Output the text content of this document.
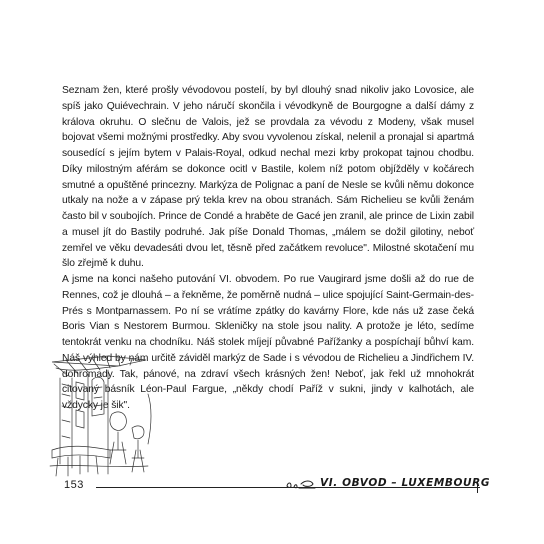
Seznam žen, které prošly vévodovou postelí, by byl dlouhý snad nikoliv jako Lovosice, ale spíš jako Quiévechrain. V jeho náručí skončila i vévodkyně de Bourgogne a další dámy z králova okruhu. O slečnu de Valois, jež se provdala za vévodu z Modeny, však musel bojovat všemi možnými prostředky. Aby svou vyvolenou získal, nelenil a pronajal si apartmá sousedící s jejím bytem v Palais-Royal, odkud nechal mezi krby prokopat tajnou chodbu. Díky milostným aférám se dokonce ocitl v Bastile, kolem níž potom objížděly v kočárech smutné a opuštěné princezny. Markýza de Polignac a paní de Nesle se kvůli němu dokonce utkaly na nože a v zápase prý tekla krev na obou stranách. Sám Richelieu se kvůli ženám často bil v soubojích. Prince de Condé a hraběte de Gacé jen zranil, ale prince de Lixin zabil a musel jít do Bastily podruhé. Jak píše Donald Thomas, „málem se dožil gilotiny, neboť zemřel ve věku devadesáti dvou let, těsně před začátkem revoluce". Milostné skotačení mu šlo zřejmě k duhu.

A jsme na konci našeho putování VI. obvodem. Po rue Vaugirard jsme došli až do rue de Rennes, což je dlouhá – a řekněme, že poměrně nudná – ulice spojující Saint-Germain-des-Prés s Montparnassem. Po ní se vrátíme zpátky do kavárny Flore, kde nás už zase čeká Boris Vian s Nestorem Burmou. Skleničky na stole jsou nality. A protože je léto, sedíme tentokrát venku na chodníku. Náš stolek míjejí půvabné Pařížanky a pospíchají bůhví kam. Náš výhled by nám určitě záviděl markýz de Sade i s vévodou de Richelieu a Jindřichem IV. dohromady. Tak, pánové, na zdraví všech krásných žen! Neboť, jak řekl už mnohokrát citovaný básník Léon-Paul Fargue, „někdy chodí Paříž v sukni, jindy v kalhotách, ale vždycky je šik".

153	VI. OBVOD – LUXEMBOURG
